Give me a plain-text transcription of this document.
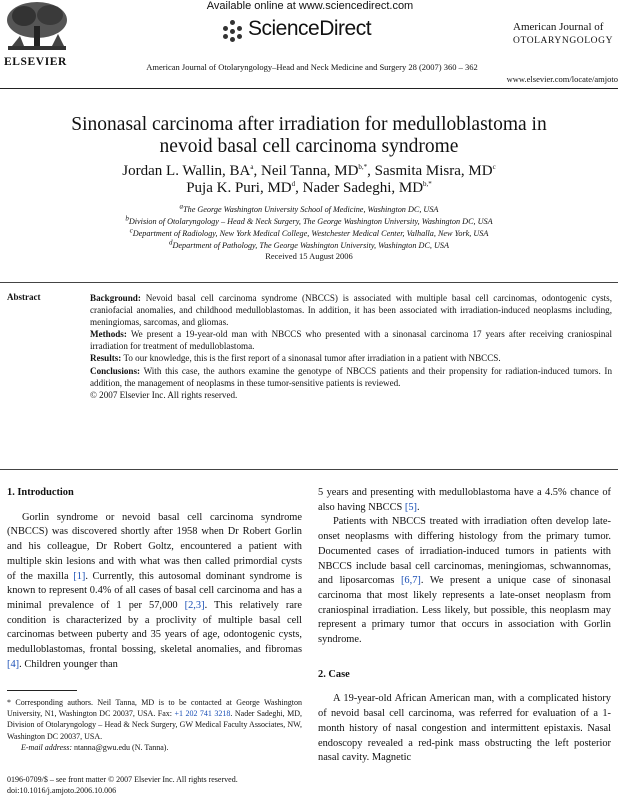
Available online at www.sciencedirect.com
ScienceDirect
ELSEVIER
American Journal of
OTOLARYNGOLOGY
American Journal of Otolaryngology–Head and Neck Medicine and Surgery 28 (2007) 360 – 362
www.elsevier.com/locate/amjoto
Sinonasal carcinoma after irradiation for medulloblastoma in
nevoid basal cell carcinoma syndrome
Jordan L. Wallin, $BA^a$, Neil Tanna, $MD^{b,*}$, Sasmita Misra, $MD^c$
Puja K. Puri, $MD^d$, Nader Sadeghi, $MD^{b,*}$
aThe George Washington University School of Medicine, Washington DC, USA
bDivision of Otolaryngology – Head & Neck Surgery, The George Washington University, Washington DC, USA
cDepartment of Radiology, New York Medical College, Westchester Medical Center, Valhalla, New York, USA
dDepartment of Pathology, The George Washington University, Washington DC, USA
Received 15 August 2006
Abstract	Background: Nevoid basal cell carcinoma syndrome (NBCCS) is associated with multiple basal cell carcinomas, odontogenic cysts, craniofacial anomalies, and childhood medulloblastomas. In addition, it has been associated with irradiation-induced neoplasms including, meningiomas, sarcomas, and gliomas.

Methods: We present a 19-year-old man with NBCCS who presented with a sinonasal carcinoma 17 years after receiving craniospinal irradiation for treatment of medulloblastoma.

Results: To our knowledge, this is the first report of a sinonasal tumor after irradiation in a patient with NBCCS.

Conclusions: With this case, the authors examine the genotype of NBCCS patients and their propensity for radiation-induced tumors. In addition, the management of neoplasms in these tumor-sensitive patients is reviewed.

© 2007 Elsevier Inc. All rights reserved.

1. Introduction

Gorlin syndrome or nevoid basal cell carcinoma syndrome (NBCCS) was discovered shortly after 1958 when Dr Robert Gorlin and his colleague, Dr Robert Goltz, encountered a patient with multiple skin lesions and with what was then called primordial cysts of the maxilla [1]. Currently, this autosomal dominant syndrome is known to represent 0.4% of all cases of basal cell carcinoma and has a minimal prevalence of 1 per 57,000 [2,3]. This relatively rare condition is characterized by a proclivity of multiple basal cell carcinomas between puberty and 35 years of age, odontogenic cysts, medulloblastomas, frontal bossing, skeletal anomalies, and fibromas [4]. Children younger than

* Corresponding authors. Neil Tanna, MD is to be contacted at George Washington University, N1, Washington DC 20037, USA. Fax: +1 202 741 3218. Nader Sadeghi, MD, Division of Otolaryngology – Head & Neck Surgery, GW Medical Faculty Associates, NW, Washington DC 20037, USA.
E-mail address: ntanna@gwu.edu (N. Tanna).
0196-0709/$ – see front matter © 2007 Elsevier Inc. All rights reserved.
doi:10.1016/j.amjoto.2006.10.006

5 years and presenting with medulloblastoma have a 4.5% chance of also having NBCCS [5].

Patients with NBCCS treated with irradiation often develop late-onset neoplasms with differing histology from the primary tumor. Documented cases of irradiation-induced tumors in patients with NBCCS include basal cell carcinomas, meningiomas, schwannomas, and liposarcomas [6,7]. We present a unique case of sinonasal carcinoma that most likely represents a late-onset neoplasm from craniospinal irradiation. Less likely, but possible, this neoplasm may represent a primary tumor that occurs in association with Gorlin syndrome.

2. Case

A 19-year-old African American man, with a complicated history of nevoid basal cell carcinoma, was referred for evaluation of a 1-month history of nasal congestion and intermittent epistaxis. Nasal endoscopy revealed a red-pink mass obstructing the left posterior nasal cavity. Magnetic
